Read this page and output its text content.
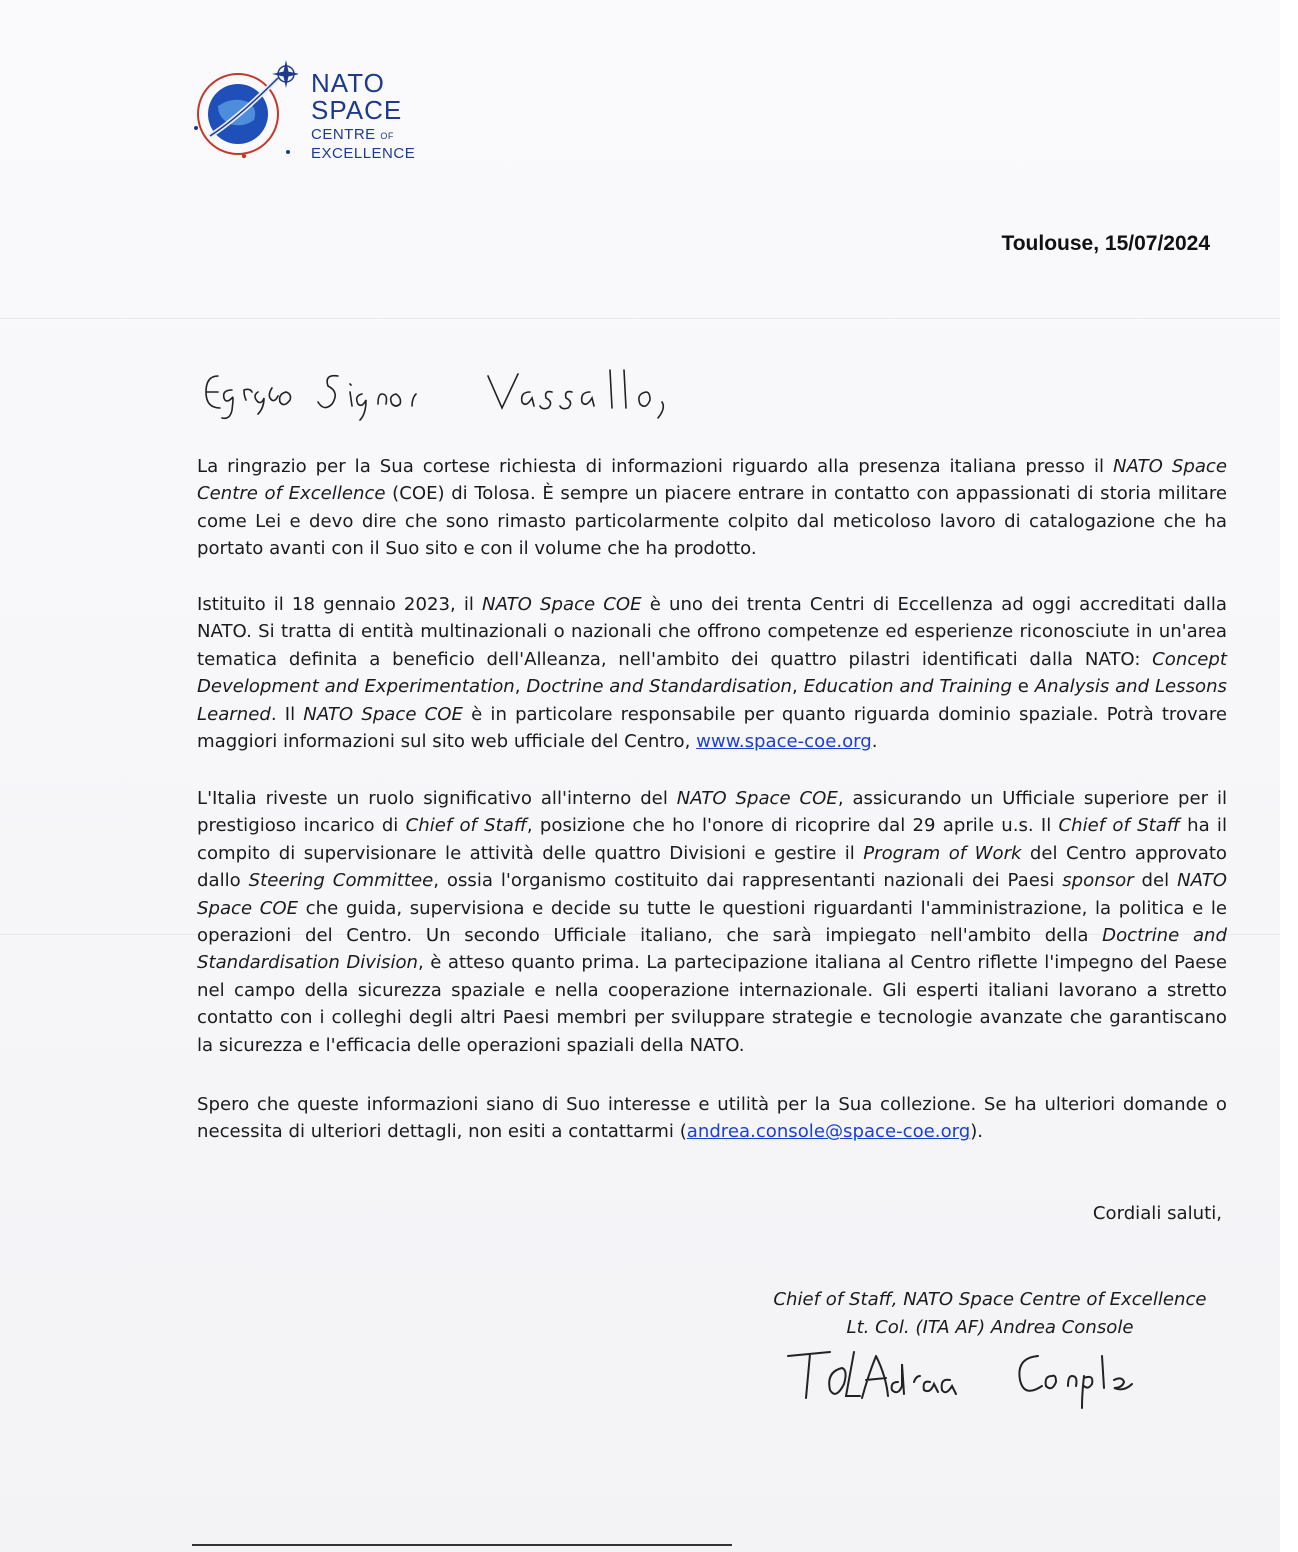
NATO
SPACE
CENTRE OF
EXCELLENCE
Toulouse, 15/07/2024
La ringrazio per la Sua cortese richiesta di informazioni riguardo alla presenza italiana presso il NATO Space Centre of Excellence (COE) di Tolosa. È sempre un piacere entrare in contatto con appassionati di storia militare come Lei e devo dire che sono rimasto particolarmente colpito dal meticoloso lavoro di catalogazione che ha portato avanti con il Suo sito e con il volume che ha prodotto.
Istituito il 18 gennaio 2023, il NATO Space COE è uno dei trenta Centri di Eccellenza ad oggi accreditati dalla NATO. Si tratta di entità multinazionali o nazionali che offrono competenze ed esperienze riconosciute in un'area tematica definita a beneficio dell'Alleanza, nell'ambito dei quattro pilastri identificati dalla NATO: Concept Development and Experimentation, Doctrine and Standardisation, Education and Training e Analysis and Lessons Learned. Il NATO Space COE è in particolare responsabile per quanto riguarda dominio spaziale. Potrà trovare maggiori informazioni sul sito web ufficiale del Centro, www.space-coe.org.
L'Italia riveste un ruolo significativo all'interno del NATO Space COE, assicurando un Ufficiale superiore per il prestigioso incarico di Chief of Staff, posizione che ho l'onore di ricoprire dal 29 aprile u.s. Il Chief of Staff ha il compito di supervisionare le attività delle quattro Divisioni e gestire il Program of Work del Centro approvato dallo Steering Committee, ossia l'organismo costituito dai rappresentanti nazionali dei Paesi sponsor del NATO Space COE che guida, supervisiona e decide su tutte le questioni riguardanti l'amministrazione, la politica e le operazioni del Centro. Un secondo Ufficiale italiano, che sarà impiegato nell'ambito della Doctrine and Standardisation Division, è atteso quanto prima. La partecipazione italiana al Centro riflette l'impegno del Paese nel campo della sicurezza spaziale e nella cooperazione internazionale. Gli esperti italiani lavorano a stretto contatto con i colleghi degli altri Paesi membri per sviluppare strategie e tecnologie avanzate che garantiscano la sicurezza e l'efficacia delle operazioni spaziali della NATO.
Spero che queste informazioni siano di Suo interesse e utilità per la Sua collezione. Se ha ulteriori domande o necessita di ulteriori dettagli, non esiti a contattarmi (andrea.console@space-coe.org).
Cordiali saluti,
Chief of Staff, NATO Space Centre of Excellence
Lt. Col. (ITA AF) Andrea Console
